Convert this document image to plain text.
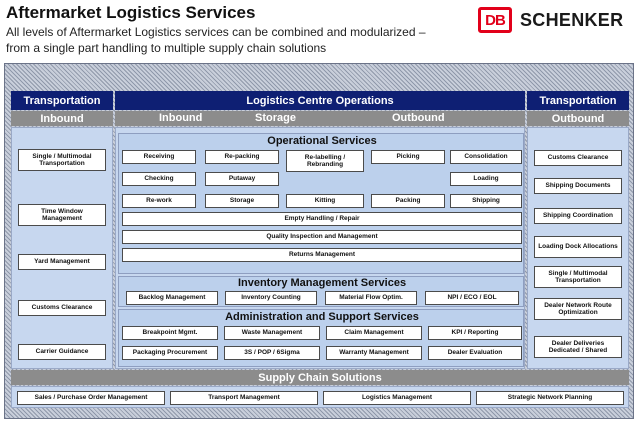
Aftermarket Logistics Services
All levels of Aftermarket Logistics services can be combined and modularized –
from a single part handling to multiple supply chain solutions
DB SCHENKER
Transportation	Logistics Centre Operations	Transportation
Inbound	Inbound	Storage	Outbound	Outbound
Single / Multimodal Transportation
Time Window Management
Yard Management
Customs Clearance
Carrier Guidance
Operational Services
Receiving	Re-packing	Re-labelling / Rebranding
Picking	Consolidation
Checking	Putaway	Loading
Re-work	Storage	Kitting	Packing	Shipping
Empty Handling / Repair
Quality Inspection and Management
Returns Management
Inventory Management Services
Backlog Management	Inventory Counting	Material Flow Optim.	NPI / ECO / EOL
Administration and Support Services
Breakpoint Mgmt.	Waste Management	Claim Management	KPI / Reporting
Packaging Procurement	3S / POP / 6Sigma	Warranty Management	Dealer Evaluation
Customs Clearance
Shipping Documents
Shipping Coordination
Loading Dock Allocations
Single / Multimodal Transportation
Dealer Network Route Optimization
Dealer Deliveries Dedicated / Shared
Supply Chain Solutions
Sales / Purchase Order Management	Transport Management	Logistics Management	Strategic Network Planning
